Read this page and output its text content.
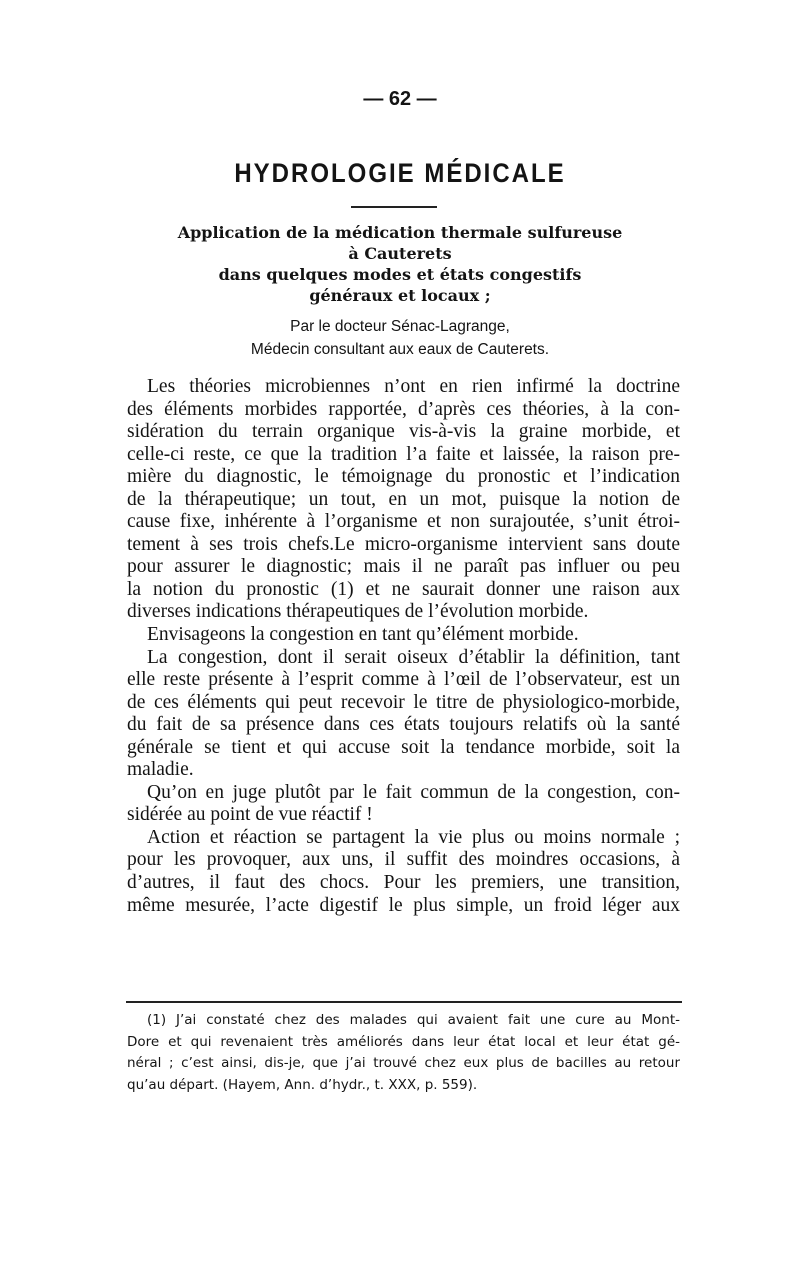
— 62 —
HYDROLOGIE MÉDICALE
Application de la médication thermale sulfureuse
à Cauterets
dans quelques modes et états congestifs
généraux et locaux ;
Par le docteur Sénac-Lagrange,
Médecin consultant aux eaux de Cauterets.
Les théories microbiennes n’ont en rien infirmé la doctrine
des éléments morbides rapportée, d’après ces théories, à la con-
sidération du terrain organique vis-à-vis la graine morbide, et
celle-ci reste, ce que la tradition l’a faite et laissée, la raison pre-
mière du diagnostic, le témoignage du pronostic et l’indication
de la thérapeutique; un tout, en un mot, puisque la notion de
cause fixe, inhérente à l’organisme et non surajoutée, s’unit étroi-
tement à ses trois chefs.Le micro-organisme intervient sans doute
pour assurer le diagnostic; mais il ne paraît pas influer ou peu
la notion du pronostic (1) et ne saurait donner une raison aux
diverses indications thérapeutiques de l’évolution morbide.
Envisageons la congestion en tant qu’élément morbide.
La congestion, dont il serait oiseux d’établir la définition, tant
elle reste présente à l’esprit comme à l’œil de l’observateur, est un
de ces éléments qui peut recevoir le titre de physiologico-morbide,
du fait de sa présence dans ces états toujours relatifs où la santé
générale se tient et qui accuse soit la tendance morbide, soit la
maladie.
Qu’on en juge plutôt par le fait commun de la congestion, con-
sidérée au point de vue réactif !
Action et réaction se partagent la vie plus ou moins normale ;
pour les provoquer, aux uns, il suffit des moindres occasions, à
d’autres, il faut des chocs. Pour les premiers, une transition,
même mesurée, l’acte digestif le plus simple, un froid léger aux
(1) J’ai constaté chez des malades qui avaient fait une cure au Mont-
Dore et qui revenaient très améliorés dans leur état local et leur état gé-
néral ; c’est ainsi, dis-je, que j’ai trouvé chez eux plus de bacilles au retour
qu’au départ. (Hayem, Ann. d’hydr., t. XXX, p. 559).
